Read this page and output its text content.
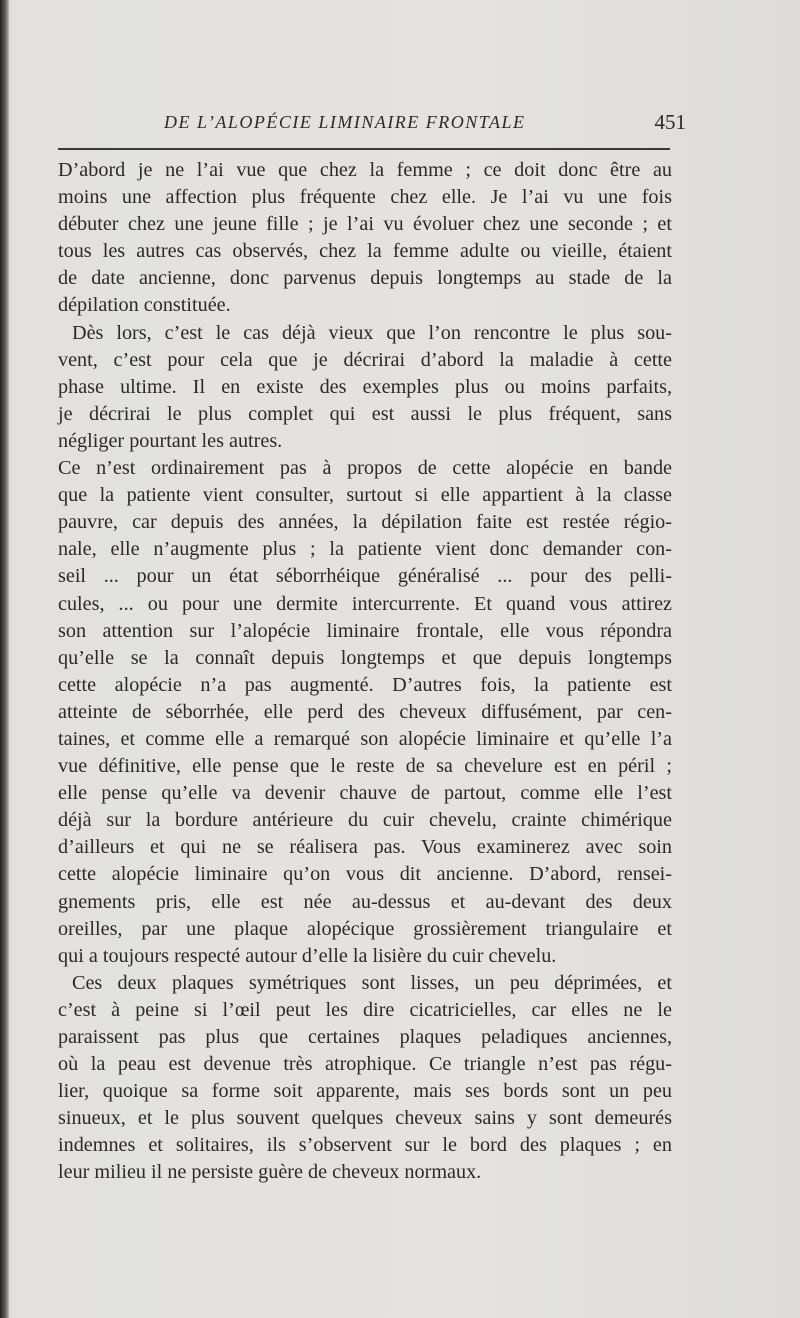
DE L’ALOPÉCIE LIMINAIRE FRONTALE	451

D’abord je ne l’ai vue que chez la femme ; ce doit donc être au
moins une affection plus fréquente chez elle. Je l’ai vu une fois
débuter chez une jeune fille ; je l’ai vu évoluer chez une seconde ; et
tous les autres cas observés, chez la femme adulte ou vieille, étaient
de date ancienne, donc parvenus depuis longtemps au stade de la
dépilation constituée.

Dès lors, c’est le cas déjà vieux que l’on rencontre le plus sou-
vent, c’est pour cela que je décrirai d’abord la maladie à cette
phase ultime. Il en existe des exemples plus ou moins parfaits,
je décrirai le plus complet qui est aussi le plus fréquent, sans
négliger pourtant les autres.

Ce n’est ordinairement pas à propos de cette alopécie en bande
que la patiente vient consulter, surtout si elle appartient à la classe
pauvre, car depuis des années, la dépilation faite est restée régio-
nale, elle n’augmente plus ; la patiente vient donc demander con-
seil ... pour un état séborrhéique généralisé ... pour des pelli-
cules, ... ou pour une dermite intercurrente. Et quand vous attirez
son attention sur l’alopécie liminaire frontale, elle vous répondra
qu’elle se la connaît depuis longtemps et que depuis longtemps
cette alopécie n’a pas augmenté. D’autres fois, la patiente est
atteinte de séborrhée, elle perd des cheveux diffusément, par cen-
taines, et comme elle a remarqué son alopécie liminaire et qu’elle l’a
vue définitive, elle pense que le reste de sa chevelure est en péril ;
elle pense qu’elle va devenir chauve de partout, comme elle l’est
déjà sur la bordure antérieure du cuir chevelu, crainte chimérique
d’ailleurs et qui ne se réalisera pas. Vous examinerez avec soin
cette alopécie liminaire qu’on vous dit ancienne. D’abord, rensei-
gnements pris, elle est née au-dessus et au-devant des deux
oreilles, par une plaque alopécique grossièrement triangulaire et
qui a toujours respecté autour d’elle la lisière du cuir chevelu.

Ces deux plaques symétriques sont lisses, un peu déprimées, et
c’est à peine si l’œil peut les dire cicatricielles, car elles ne le
paraissent pas plus que certaines plaques peladiques anciennes,
où la peau est devenue très atrophique. Ce triangle n’est pas régu-
lier, quoique sa forme soit apparente, mais ses bords sont un peu
sinueux, et le plus souvent quelques cheveux sains y sont demeurés
indemnes et solitaires, ils s’observent sur le bord des plaques ; en
leur milieu il ne persiste guère de cheveux normaux.
